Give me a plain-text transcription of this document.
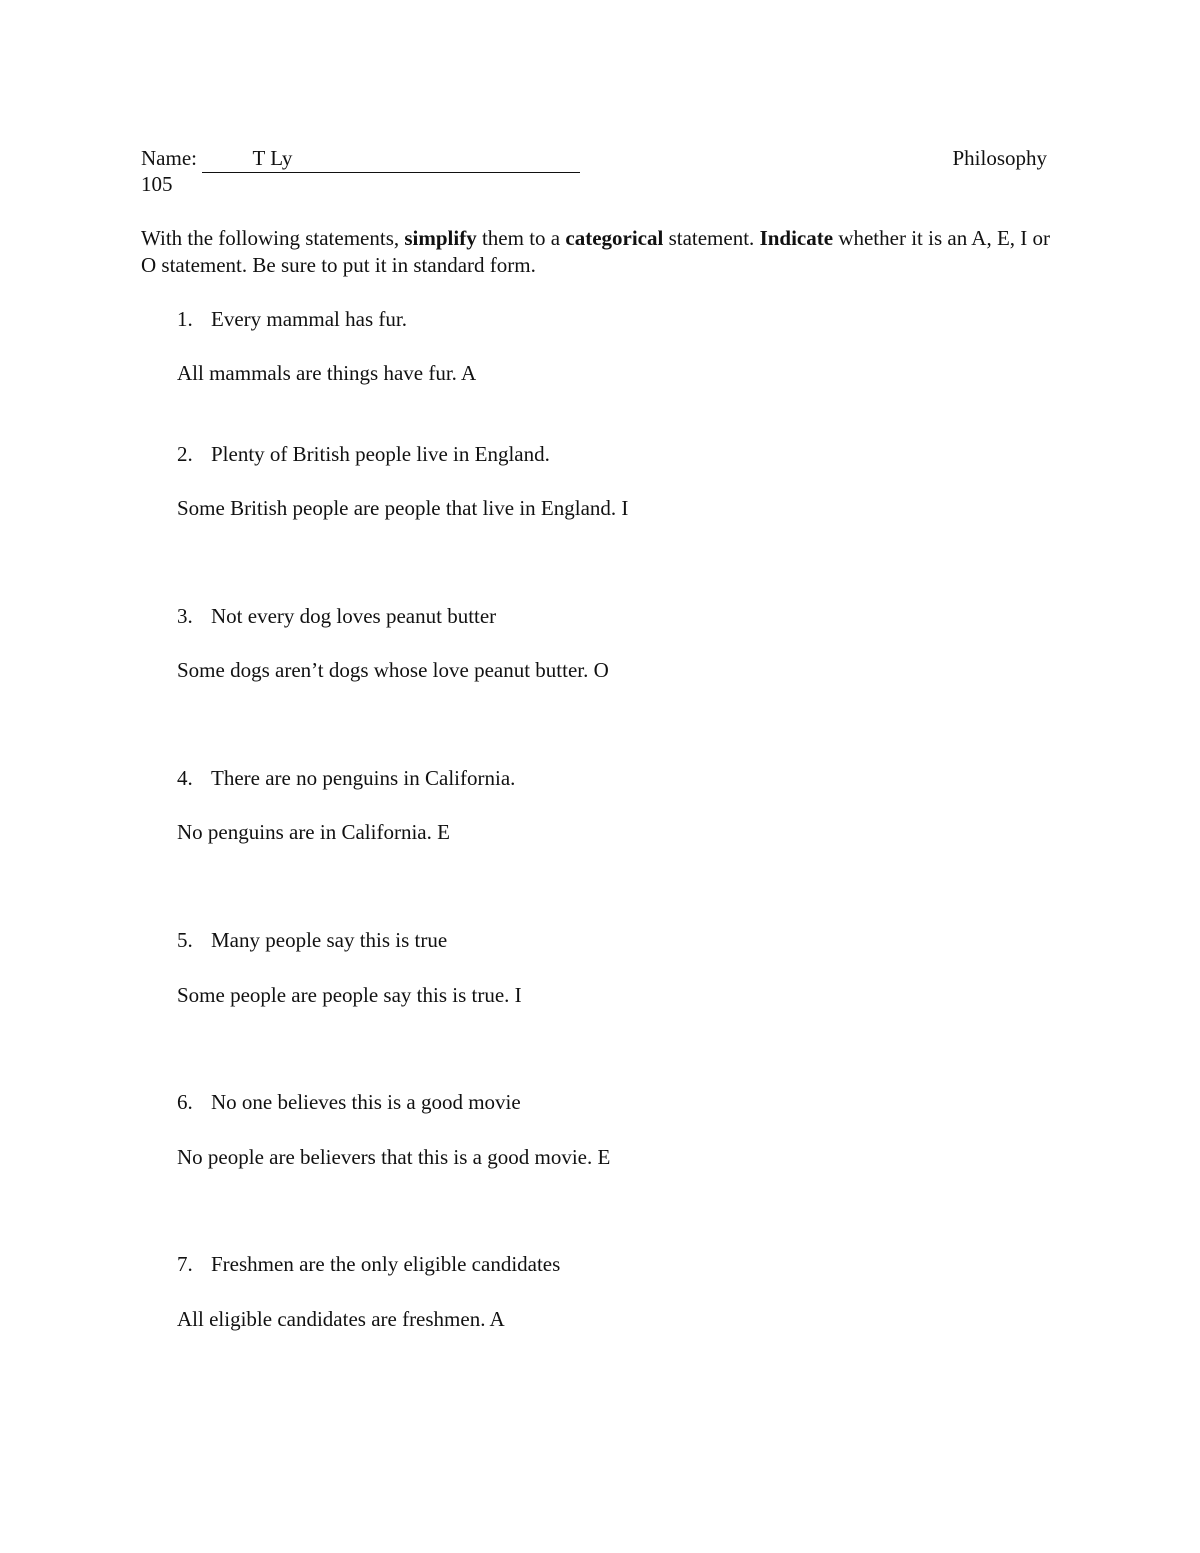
Name:	T Ly	Philosophy
105
With the following statements, simplify them to a categorical statement. Indicate whether it is an A, E, I or O statement. Be sure to put it in standard form.
1. Every mammal has fur.
All mammals are things have fur. A
2. Plenty of British people live in England.
Some British people are people that live in England. I
3. Not every dog loves peanut butter
Some dogs aren’t dogs whose love peanut butter. O
4. There are no penguins in California.
No penguins are in California. E
5. Many people say this is true
Some people are people say this is true. I
6. No one believes this is a good movie
No people are believers that this is a good movie. E
7. Freshmen are the only eligible candidates
All eligible candidates are freshmen. A
